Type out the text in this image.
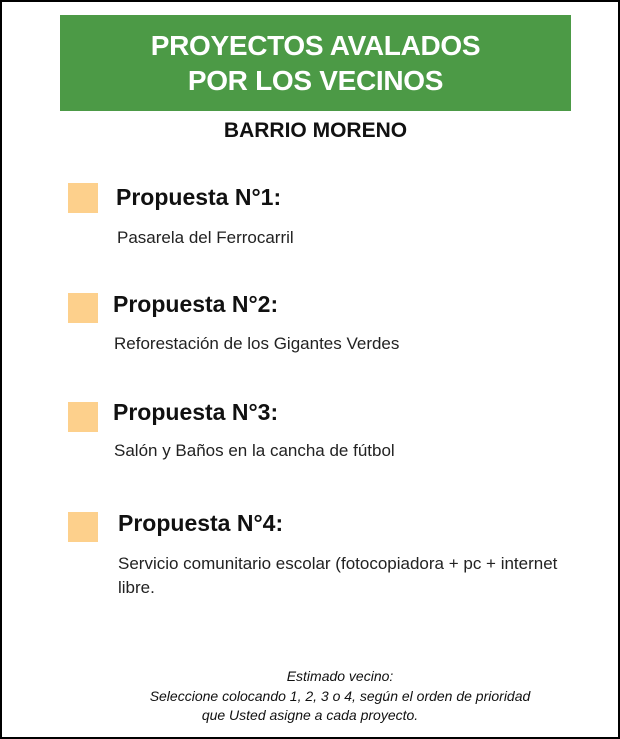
PROYECTOS AVALADOS
POR LOS VECINOS
BARRIO MORENO
Propuesta N°1:
Pasarela del Ferrocarril
Propuesta N°2:
Reforestación de los Gigantes Verdes
Propuesta N°3:
Salón y Baños en la cancha de fútbol
Propuesta N°4:
Servicio comunitario escolar (fotocopiadora + pc + internet libre.
Estimado vecino:
Seleccione colocando 1, 2, 3 o 4, según el orden de prioridad
que Usted asigne a cada proyecto.
